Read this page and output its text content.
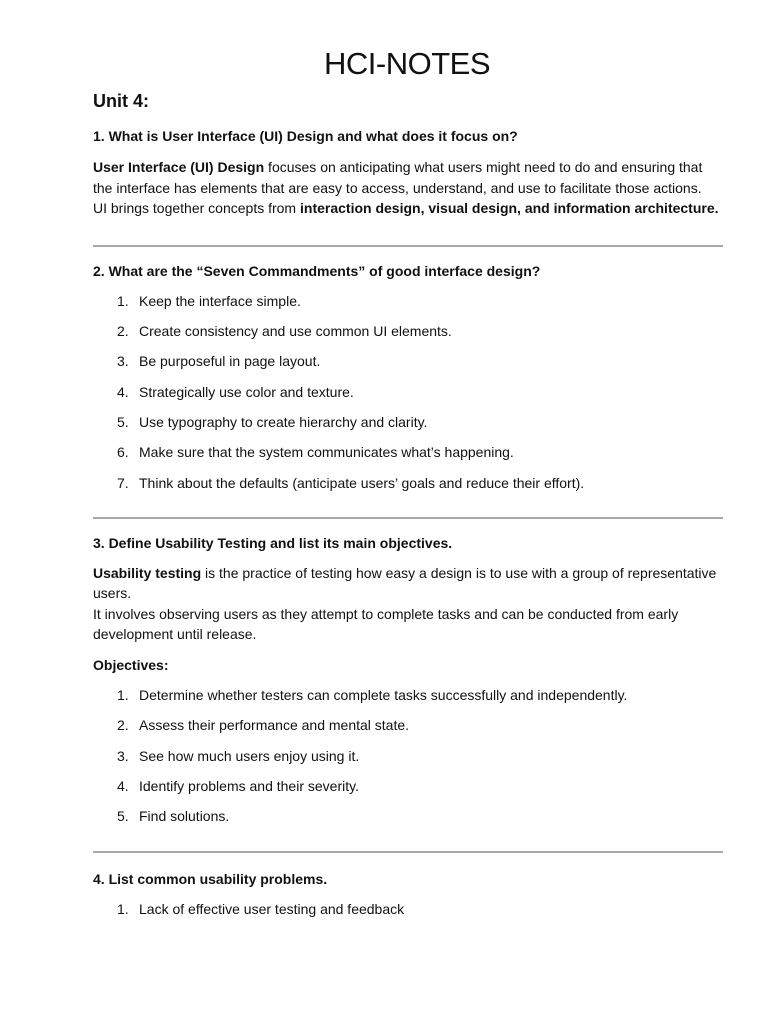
HCI-NOTES
Unit 4:

1. What is User Interface (UI) Design and what does it focus on?

User Interface (UI) Design focuses on anticipating what users might need to do and ensuring that the interface has elements that are easy to access, understand, and use to facilitate those actions.

UI brings together concepts from interaction design, visual design, and information architecture.

2. What are the “Seven Commandments” of good interface design?

1. Keep the interface simple.
2. Create consistency and use common UI elements.
3. Be purposeful in page layout.
4. Strategically use color and texture.
5. Use typography to create hierarchy and clarity.
6. Make sure that the system communicates what’s happening.
7. Think about the defaults (anticipate users’ goals and reduce their effort).

3. Define Usability Testing and list its main objectives.

Usability testing is the practice of testing how easy a design is to use with a group of representative users.

It involves observing users as they attempt to complete tasks and can be conducted from early development until release.

Objectives:

1. Determine whether testers can complete tasks successfully and independently.
2. Assess their performance and mental state.
3. See how much users enjoy using it.
4. Identify problems and their severity.
5. Find solutions.

4. List common usability problems.

1. Lack of effective user testing and feedback
